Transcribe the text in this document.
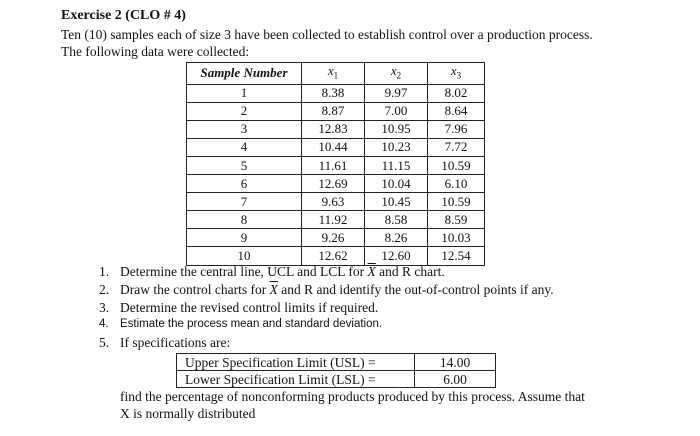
Exercise 2 (CLO # 4)
Ten (10) samples each of size 3 have been collected to establish control over a production process.
The following data were collected:
Sample Number	$x_1$	$x_2$	$x_3$
1	8.38	9.97	8.02
2	8.87	7.00	8.64
3	12.83	10.95	7.96
4	10.44	10.23	7.72
5	11.61	11.15	10.59
6	12.69	10.04	6.10
7	9.63	10.45	10.59
8	11.92	8.58	8.59
9	9.26	8.26	10.03
10	12.62	12.60	12.54
1. Determine the central line, UCL and LCL for $\overline{X}$ and R chart.
2. Draw the control charts for $\overline{X}$ and R and identify the out-of-control points if any.
3. Determine the revised control limits if required.
4. Estimate the process mean and standard deviation.
5. If specifications are:
Upper Specification Limit (USL) =	14.00
Lower Specification Limit (LSL) =	6.00
find the percentage of nonconforming products produced by this process. Assume that
X is normally distributed
